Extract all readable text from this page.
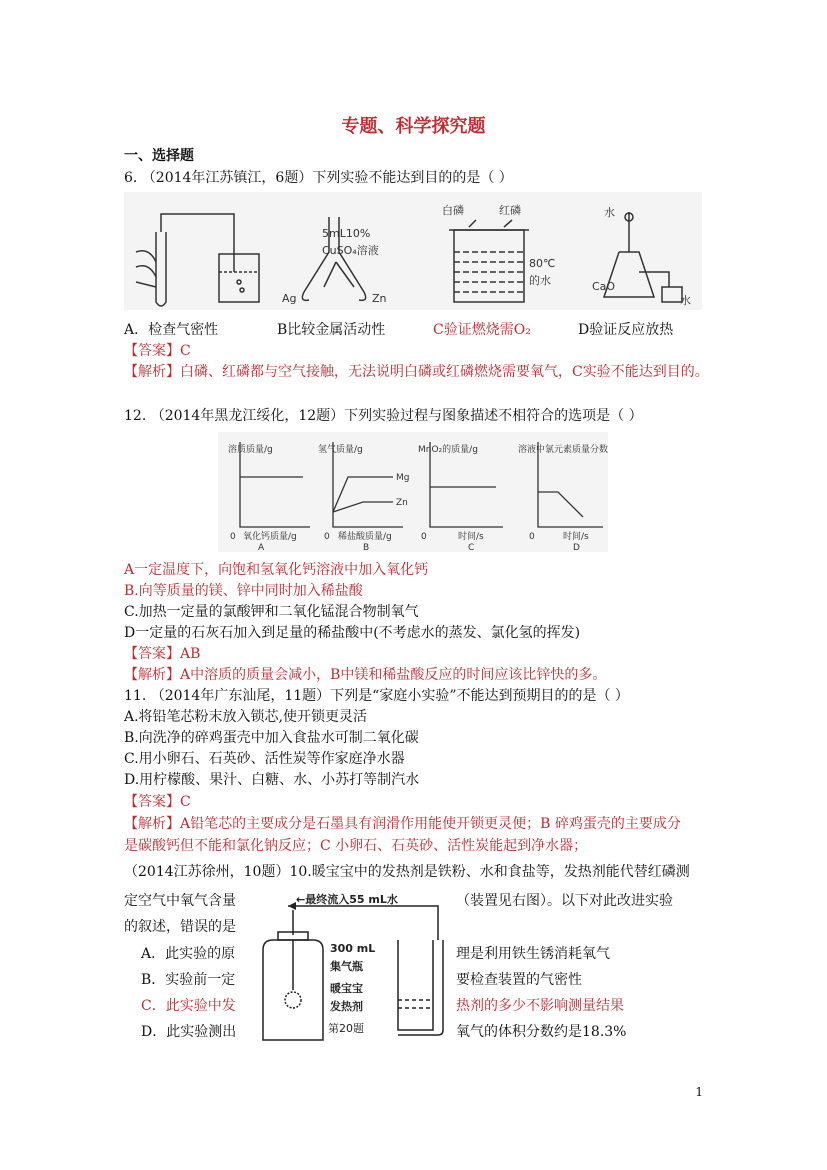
专题、科学探究题
一、选择题
6. （2014年江苏镇江，6题）下列实验不能达到目的的是（ ）
5mL10%
CuSO₄溶液
Ag	Zn
白磷	红磷
80℃
的水
水
CaO
水
A．检查气密性	B比较金属活动性	C验证燃烧需O₂	D验证反应放热
【答案】C
【解析】白磷、红磷都与空气接触，无法说明白磷或红磷燃烧需要氧气，C实验不能达到目的。
12. （2014年黑龙江绥化，12题）下列实验过程与图象描述不相符合的选项是（ ）
溶质质量/g
氧化钙质量/g
0
A
氢气质量/g
Mg
Zn
稀盐酸质量/g
0
B
MnO₂的质量/g
时间/s
0
C
溶液中氯元素质量分数
时间/s
0
D
A一定温度下，向饱和氢氧化钙溶液中加入氧化钙
B.向等质量的镁、锌中同时加入稀盐酸
C.加热一定量的氯酸钾和二氧化锰混合物制氧气
D一定量的石灰石加入到足量的稀盐酸中(不考虑水的蒸发、氯化氢的挥发)
【答案】AB
【解析】A中溶质的质量会减小，B中镁和稀盐酸反应的时间应该比锌快的多。
11. （2014年广东汕尾，11题）下列是“家庭小实验”不能达到预期目的的是（ ）
A.将铅笔芯粉末放入锁芯,使开锁更灵活
B.向洗净的碎鸡蛋壳中加入食盐水可制二氧化碳
C.用小卵石、石英砂、活性炭等作家庭净水器
D.用柠檬酸、果汁、白糖、水、小苏打等制汽水
【答案】C
【解析】A铅笔芯的主要成分是石墨具有润滑作用能使开锁更灵便；B 碎鸡蛋壳的主要成分
是碳酸钙但不能和氯化钠反应；C 小卵石、石英砂、活性炭能起到净水器；
（2014江苏徐州，10题）10.暖宝宝中的发热剂是铁粉、水和食盐等，发热剂能代替红磷测
定空气中氧气含量	（装置见右图）。以下对此改进实验
的叙述，错误的是
A．此实验的原	理是利用铁生锈消耗氧气
B．实验前一定	要检查装置的气密性
C．此实验中发	热剂的多少不影响测量结果
D．此实验测出	氧气的体积分数约是18.3%
←最终流入55 mL水
300 mL
集气瓶
暖宝宝
发热剂
第20题
1
